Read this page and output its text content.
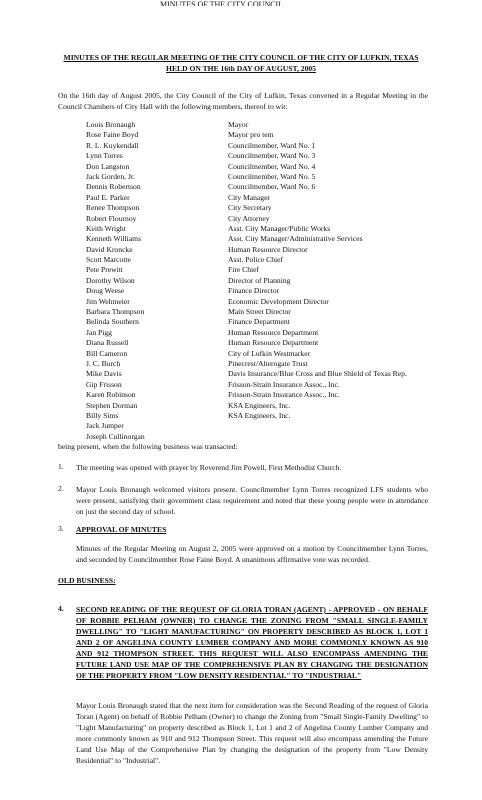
MINUTES OF THE CITY COUNCIL
MINUTES OF THE REGULAR MEETING OF THE CITY COUNCIL OF THE CITY OF LUFKIN, TEXAS HELD ON THE 16th DAY OF AUGUST, 2005
On the 16th day of August 2005, the City Council of the City of Lufkin, Texas convened in a Regular Meeting in the Council Chambers of City Hall with the following members, thereof to wit:
Louis Bronaugh	Mayor
Rose Faine Boyd	Mayor pro tem
R. L. Kuykendall	Councilmember, Ward No. 1
Lynn Torres	Councilmember, Ward No. 3
Don Langston	Councilmember, Ward No. 4
Jack Gorden, Jr.	Councilmember, Ward No. 5
Dennis Robertson	Councilmember, Ward No. 6
Paul E. Parker	City Manager
Renee Thompson	City Secretary
Robert Flournoy	City Attorney
Keith Wright	Asst. City Manager/Public Works
Kenneth Williams	Asst. City Manager/Administrative Services
David Kroncke	Human Resource Director
Scott Marcotte	Asst. Police Chief
Pete Prewitt	Fire Chief
Dorothy Wilson	Director of Planning
Doug Weese	Finance Director
Jim Wehmeier	Economic Development Director
Barbara Thompson	Main Street Director
Belinda Southern	Finance Department
Jan Pigg	Human Resource Department
Diana Russell	Human Resource Department
Bill Cameron	City of Lufkin Westmarker
J. C. Burch	Pinecrest/Alterogate Trust
Mike Davis	Davis Insurance/Blue Cross and Blue Shield of Texas Rep.
Gip Frisson	Frisson-Strain Insurance Assoc., Inc.
Karen Robinson	Frisson-Strain Insurance Assoc., Inc.
Stephen Dorman	KSA Engineers, Inc.
Billy Sims	KSA Engineers, Inc.
Jack Jumper
Joseph Cullinorgan
being present, when the following business was transacted:
1.	The meeting was opened with prayer by Reverend Jim Powell, First Methodist Church.
2.	Mayor Louis Bronaugh welcomed visitors present. Councilmember Lynn Torres recognized LFS students who were present, satisfying their government class requirement and noted that these young people were in attendance on just the second day of school.
3.	APPROVAL OF MINUTES
Minutes of the Regular Meeting on August 2, 2005 were approved on a motion by Councilmember Lynn Torres, and seconded by Councilmember Rose Faine Boyd. A unanimous affirmative vote was recorded.
OLD BUSINESS:
4.	SECOND READING OF THE REQUEST OF GLORIA TORAN (AGENT) - APPROVED - ON BEHALF OF ROBBIE PELHAM (OWNER) TO CHANGE THE ZONING FROM "SMALL SINGLE-FAMILY DWELLING" TO "LIGHT MANUFACTURING" ON PROPERTY DESCRIBED AS BLOCK 1, LOT 1 AND 2 OF ANGELINA COUNTY LUMBER COMPANY AND MORE COMMONLY KNOWN AS 910 AND 912 THOMPSON STREET. THIS REQUEST WILL ALSO ENCOMPASS AMENDING THE FUTURE LAND USE MAP OF THE COMPREHENSIVE PLAN BY CHANGING THE DESIGNATION OF THE PROPERTY FROM "LOW DENSITY RESIDENTIAL" TO "INDUSTRIAL"
Mayor Louis Bronaugh stated that the next item for consideration was the Second Reading of the request of Gloria Toran (Agent) on behalf of Robbie Pelham (Owner) to change the Zoning from "Small Single-Family Dwelling" to "Light Manufacturing" on property described as Block 1, Lot 1 and 2 of Angelina County Lumber Company and more commonly known as 910 and 912 Thompson Street. This request will also encompass amending the Future Land Use Map of the Comprehensive Plan by changing the designation of the property from "Low Density Residential" to "Industrial".
